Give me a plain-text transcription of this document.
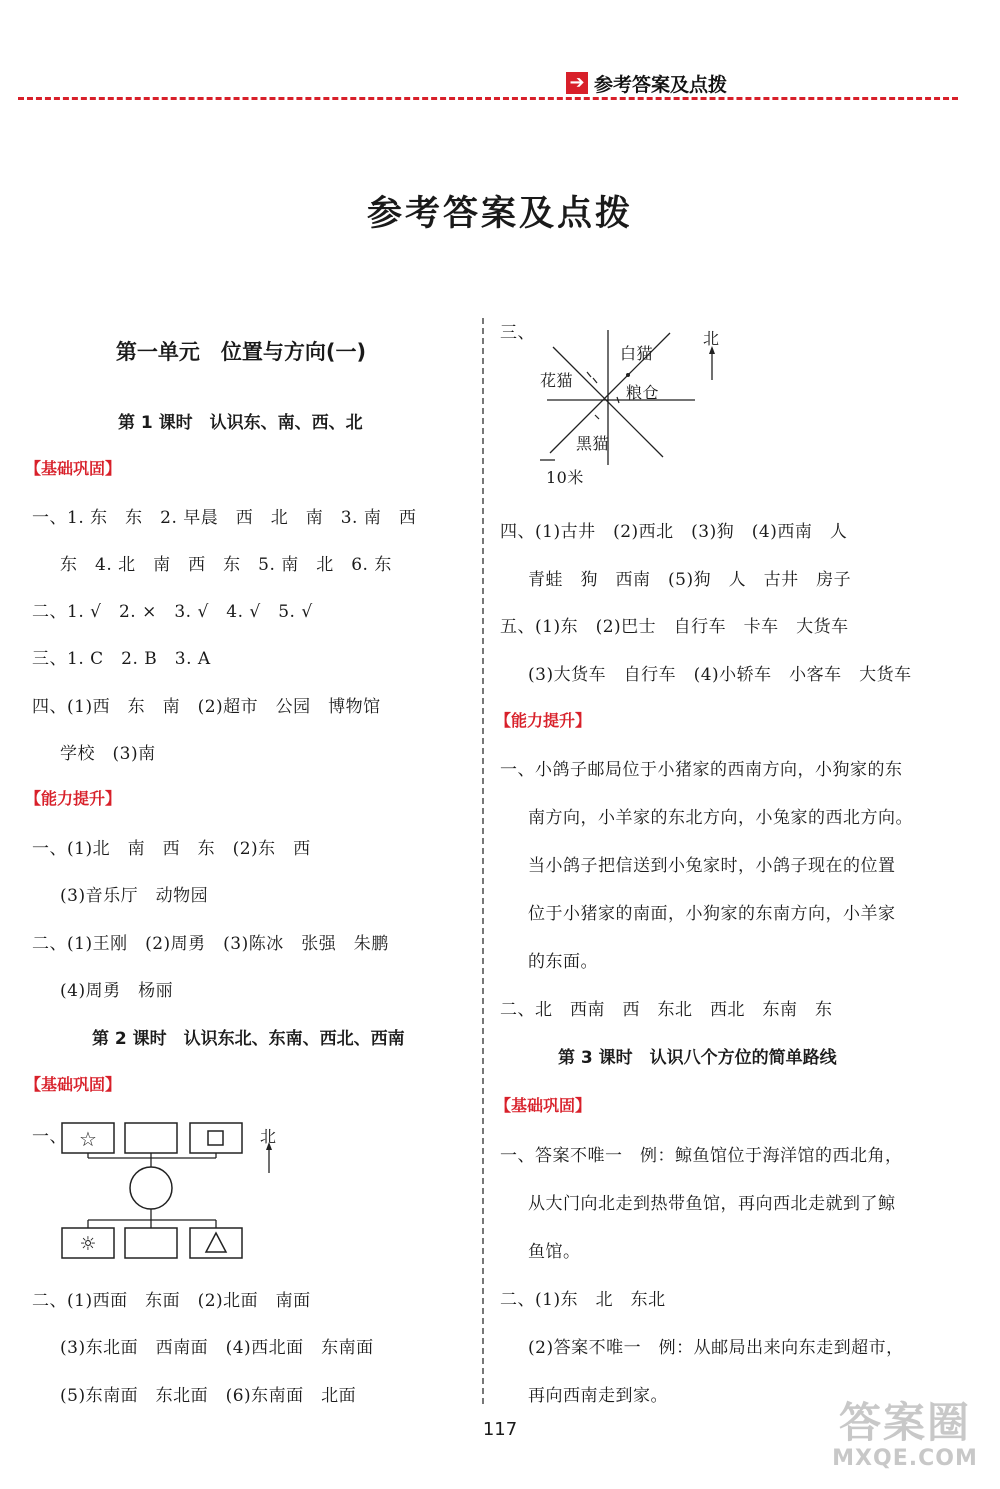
➔ 参考答案及点拨
参考答案及点拨
第一单元　位置与方向(一)
第 1 课时　认识东、南、西、北
【基础巩固】
一、1. 东　东　2. 早晨　西　北　南　3. 南　西
东　4. 北　南　西　东　5. 南　北　6. 东
二、1. √　2. ×　3. √　4. √　5. √
三、1. C　2. B　3. A
四、(1)西　东　南　(2)超市　公园　博物馆
学校　(3)南
【能力提升】
一、(1)北　南　西　东　(2)东　西
(3)音乐厅　动物园
二、(1)王刚　(2)周勇　(3)陈冰　张强　朱鹏
(4)周勇　杨丽
第 2 课时　认识东北、东南、西北、西南
【基础巩固】
一、 ☆
☼
北
二、(1)西面　东面　(2)北面　南面
(3)东北面　西南面　(4)西北面　东南面
(5)东南面　东北面　(6)东南面　北面
三、
白猫
花猫
粮仓
黑猫
10米
北
四、(1)古井　(2)西北　(3)狗　(4)西南　人
青蛙　狗　西南　(5)狗　人　古井　房子
五、(1)东　(2)巴士　自行车　卡车　大货车
(3)大货车　自行车　(4)小轿车　小客车　大货车
【能力提升】
一、小鸽子邮局位于小猪家的西南方向，小狗家的东
南方向，小羊家的东北方向，小兔家的西北方向。
当小鸽子把信送到小兔家时，小鸽子现在的位置
位于小猪家的南面，小狗家的东南方向，小羊家
的东面。
二、北　西南　西　东北　西北　东南　东
第 3 课时　认识八个方位的简单路线
【基础巩固】
一、答案不唯一　例：鲸鱼馆位于海洋馆的西北角，
从大门向北走到热带鱼馆，再向西北走就到了鲸
鱼馆。
二、(1)东　北　东北
(2)答案不唯一　例：从邮局出来向东走到超市，
再向西南走到家。
117	答案圈
MXQE.COM
